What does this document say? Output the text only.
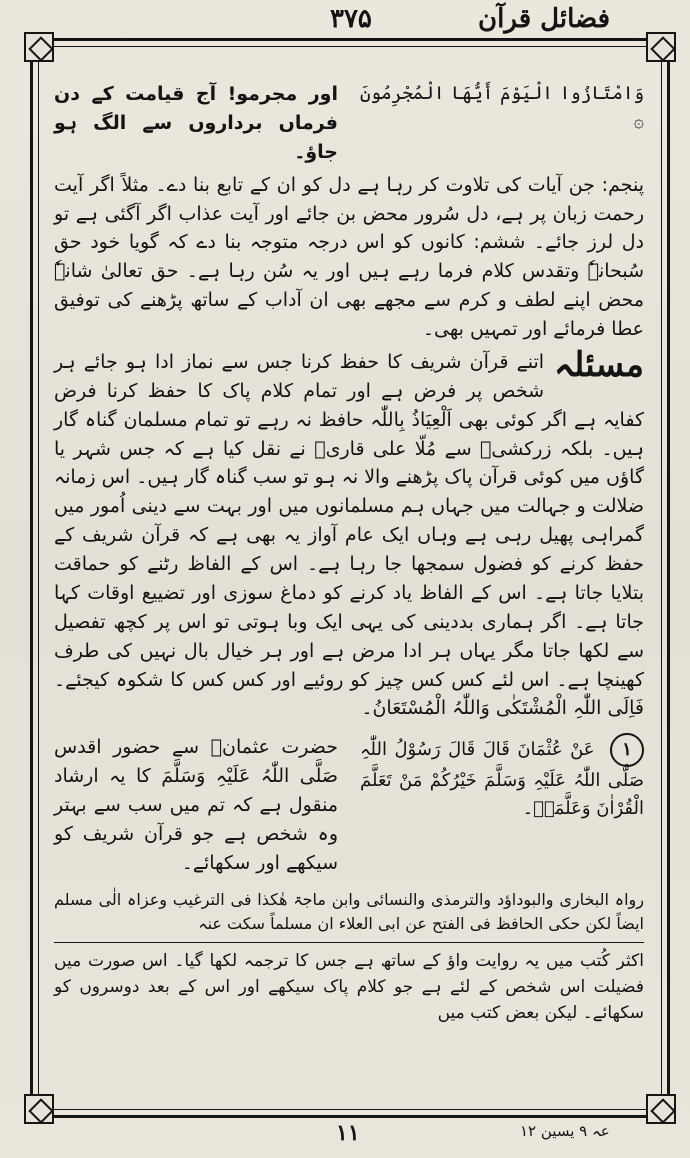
فضائل قرآن
۳۷۵
وَامْتَازُوا الْيَوْمَ أَيُّهَا الْمُجْرِمُونَ ۞
اور مجرمو! آج قیامت کے دن فرماں برداروں سے الگ ہو جاؤ۔

پنجم: جن آیات کی تلاوت کر رہا ہے دل کو ان کے تابع بنا دے۔ مثلاً اگر آیت رحمت زبان پر ہے، دل سُرور محض بن جائے اور آیت عذاب اگر آگئی ہے تو دل لرز جائے۔ ششم: کانوں کو اس درجہ متوجہ بنا دے کہ گویا خود حق سُبحانہٗ وتقدس کلام فرما رہے ہیں اور یہ سُن رہا ہے۔ حق تعالیٰ شانہٗ محض اپنے لطف و کرم سے مجھے بھی ان آداب کے ساتھ پڑھنے کی توفیق عطا فرمائے اور تمہیں بھی۔

مسئلہ

اتنے قرآن شریف کا حفظ کرنا جس سے نماز ادا ہو جائے ہر شخص پر فرض ہے اور تمام کلام پاک کا حفظ کرنا فرض کفایہ ہے اگر کوئی بھی اَلْعِیَاذُ بِاللّٰہ حافظ نہ رہے تو تمام مسلمان گناہ گار ہیں۔ بلکہ زرکشیؒ سے مُلّا علی قاریؒ نے نقل کیا ہے کہ جس شہر یا گاؤں میں کوئی قرآن پاک پڑھنے والا نہ ہو تو سب گناہ گار ہیں۔ اس زمانہ ضلالت و جہالت میں جہاں ہم مسلمانوں میں اور بہت سے دینی اُمور میں گمراہی پھیل رہی ہے وہاں ایک عام آواز یہ بھی ہے کہ قرآن شریف کے حفظ کرنے کو فضول سمجھا جا رہا ہے۔ اس کے الفاظ رٹنے کو حماقت بتلایا جاتا ہے۔ اس کے الفاظ یاد کرنے کو دماغ سوزی اور تضییع اوقات کہا جاتا ہے۔ اگر ہماری بددینی کی یہی ایک وبا ہوتی تو اس پر کچھ تفصیل سے لکھا جاتا مگر یہاں ہر ادا مرض ہے اور ہر خیال بال نہیں کی طرف کھینچا ہے۔ اس لئے کس کس چیز کو روئیے اور کس کس کا شکوہ کیجئے۔ فَاِلَی اللّٰہِ الْمُشْتَکٰی وَاللّٰہُ الْمُسْتَعَانُ۔

۱ عَنْ عُثْمَانَ قَالَ قَالَ رَسُوْلُ اللّٰہِ صَلَّی اللّٰہُ عَلَیْہِ وَسَلَّمَ خَیْرُکُمْ مَنْ تَعَلَّمَ الْقُرْاٰنَ وَعَلَّمَہٗ۔
حضرت عثمانؓ سے حضور اقدس صَلَّی اللّٰہُ عَلَیْہِ وَسَلَّمَ کا یہ ارشاد منقول ہے کہ تم میں سب سے بہتر وہ شخص ہے جو قرآن شریف کو سیکھے اور سکھائے۔

رواہ البخاری والبوداؤد والترمذی والنسائی وابن ماجۃ ھٰکذا فی الترغیب وعزاہ الٰی مسلم ایضاً لکن حکی الحافظ فی الفتح عن ابی العلاء ان مسلماً سکت عنہ

اکثر کُتب میں یہ روایت واؤ کے ساتھ ہے جس کا ترجمہ لکھا گیا۔ اس صورت میں فضیلت اس شخص کے لئے ہے جو کلام پاک سیکھے اور اس کے بعد دوسروں کو سکھائے۔ لیکن بعض کتب میں

۱۱	عہ ۹ یسین ۱۲
